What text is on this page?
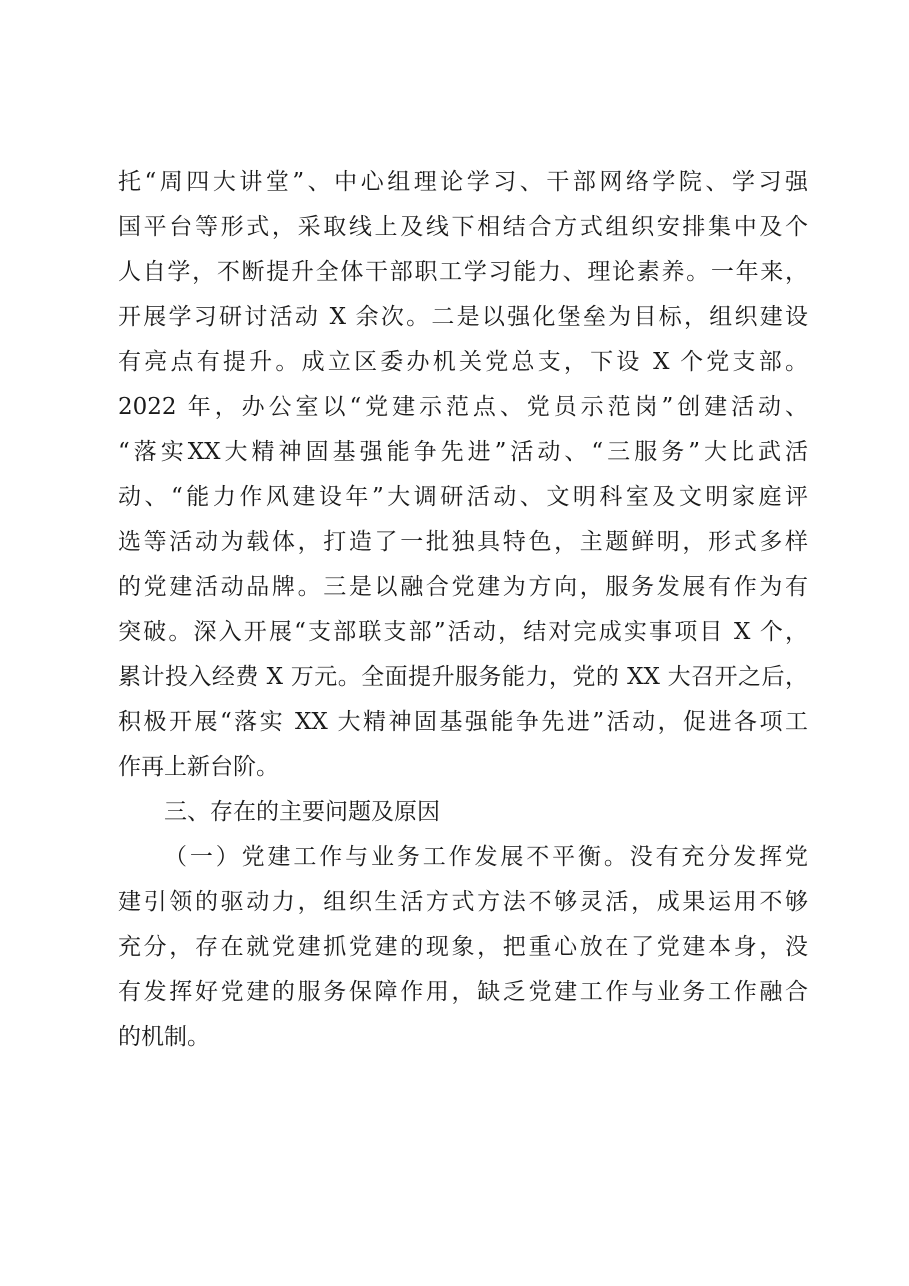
托“周四大讲堂”、中心组理论学习、干部网络学院、学习强
国平台等形式，采取线上及线下相结合方式组织安排集中及个
人自学，不断提升全体干部职工学习能力、理论素养。一年来，
开展学习研讨活动 X 余次。二是以强化堡垒为目标，组织建设
有亮点有提升。成立区委办机关党总支，下设 X 个党支部。
2022 年，办公室以“党建示范点、党员示范岗”创建活动、
“落实XX大精神固基强能争先进”活动、“三服务”大比武活
动、“能力作风建设年”大调研活动、文明科室及文明家庭评
选等活动为载体，打造了一批独具特色，主题鲜明，形式多样
的党建活动品牌。三是以融合党建为方向，服务发展有作为有
突破。深入开展“支部联支部”活动，结对完成实事项目 X 个，
累计投入经费 X 万元。全面提升服务能力，党的 XX 大召开之后，
积极开展“落实 XX 大精神固基强能争先进”活动，促进各项工
作再上新台阶。
三、存在的主要问题及原因
（一）党建工作与业务工作发展不平衡。没有充分发挥党
建引领的驱动力，组织生活方式方法不够灵活，成果运用不够
充分，存在就党建抓党建的现象，把重心放在了党建本身，没
有发挥好党建的服务保障作用，缺乏党建工作与业务工作融合
的机制。
